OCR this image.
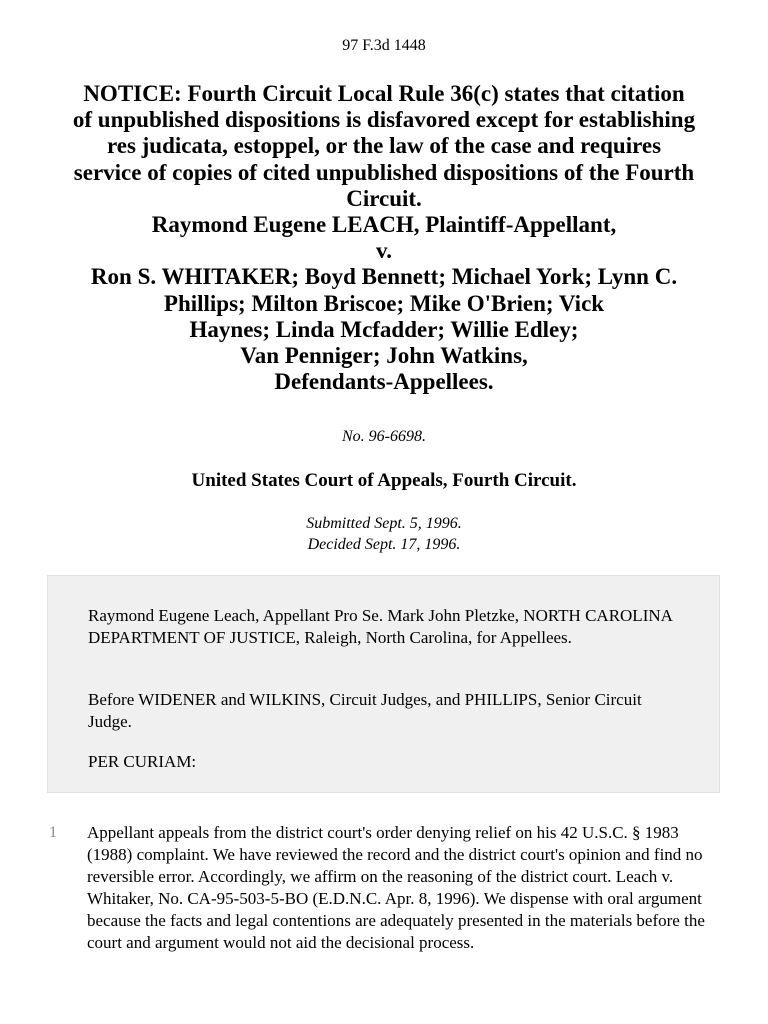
97 F.3d 1448
NOTICE: Fourth Circuit Local Rule 36(c) states that citation
of unpublished dispositions is disfavored except for establishing
res judicata, estoppel, or the law of the case and requires
service of copies of cited unpublished dispositions of the Fourth
Circuit.
Raymond Eugene LEACH, Plaintiff-Appellant,
v.
Ron S. WHITAKER; Boyd Bennett; Michael York; Lynn C.
Phillips; Milton Briscoe; Mike O'Brien; Vick
Haynes; Linda Mcfadder; Willie Edley;
Van Penniger; John Watkins,
Defendants-Appellees.
No. 96-6698.
United States Court of Appeals, Fourth Circuit.
Submitted Sept. 5, 1996.
Decided Sept. 17, 1996.

Raymond Eugene Leach, Appellant Pro Se. Mark John Pletzke, NORTH CAROLINA DEPARTMENT OF JUSTICE, Raleigh, North Carolina, for Appellees.

Before WIDENER and WILKINS, Circuit Judges, and PHILLIPS, Senior Circuit Judge.

PER CURIAM:

1 Appellant appeals from the district court's order denying relief on his 42 U.S.C. § 1983 (1988) complaint. We have reviewed the record and the district court's opinion and find no reversible error. Accordingly, we affirm on the reasoning of the district court. Leach v. Whitaker, No. CA-95-503-5-BO (E.D.N.C. Apr. 8, 1996). We dispense with oral argument because the facts and legal contentions are adequately presented in the materials before the court and argument would not aid the decisional process.
